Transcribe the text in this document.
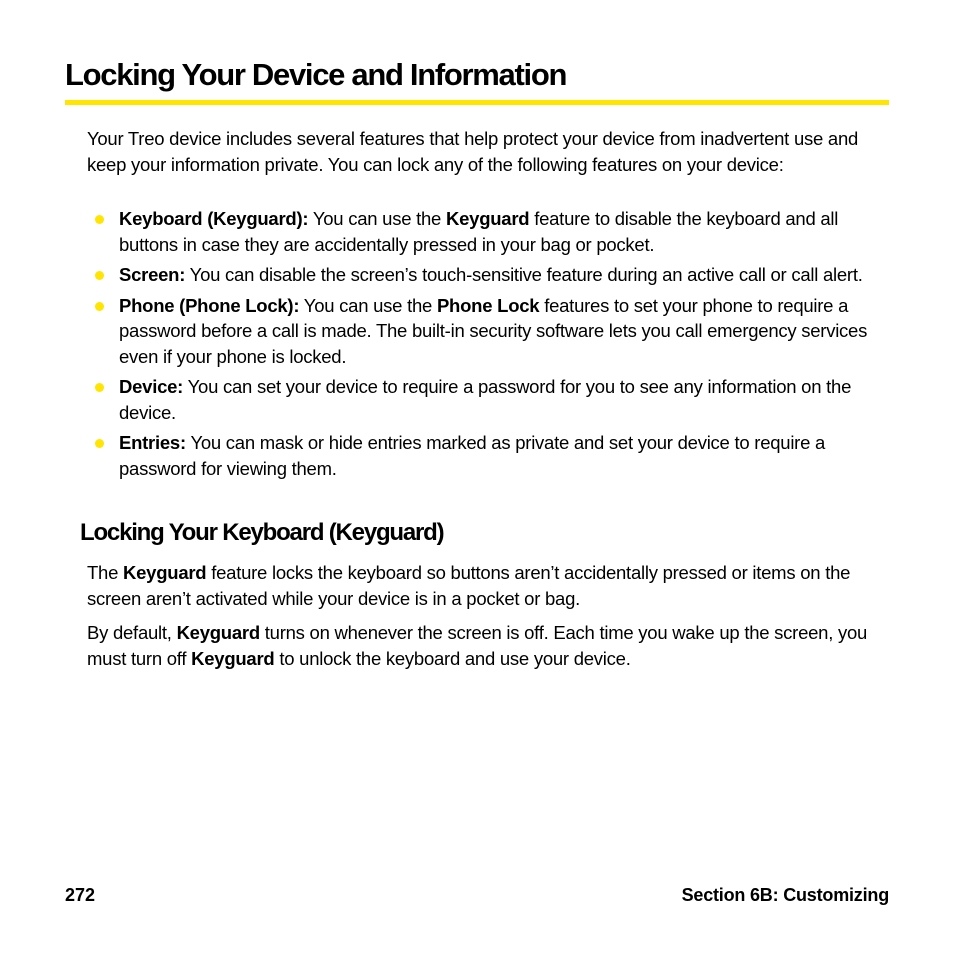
Locking Your Device and Information

Your Treo device includes several features that help protect your device from inadvertent use and keep your information private. You can lock any of the following features on your device:

Keyboard (Keyguard): You can use the Keyguard feature to disable the keyboard and all buttons in case they are accidentally pressed in your bag or pocket.
Screen: You can disable the screen’s touch-sensitive feature during an active call or call alert.
Phone (Phone Lock): You can use the Phone Lock features to set your phone to require a password before a call is made. The built-in security software lets you call emergency services even if your phone is locked.
Device: You can set your device to require a password for you to see any information on the device.
Entries: You can mask or hide entries marked as private and set your device to require a password for viewing them.
Locking Your Keyboard (Keyguard)

The Keyguard feature locks the keyboard so buttons aren’t accidentally pressed or items on the screen aren’t activated while your device is in a pocket or bag.

By default, Keyguard turns on whenever the screen is off. Each time you wake up the screen, you must turn off Keyguard to unlock the keyboard and use your device.

272	Section 6B: Customizing
